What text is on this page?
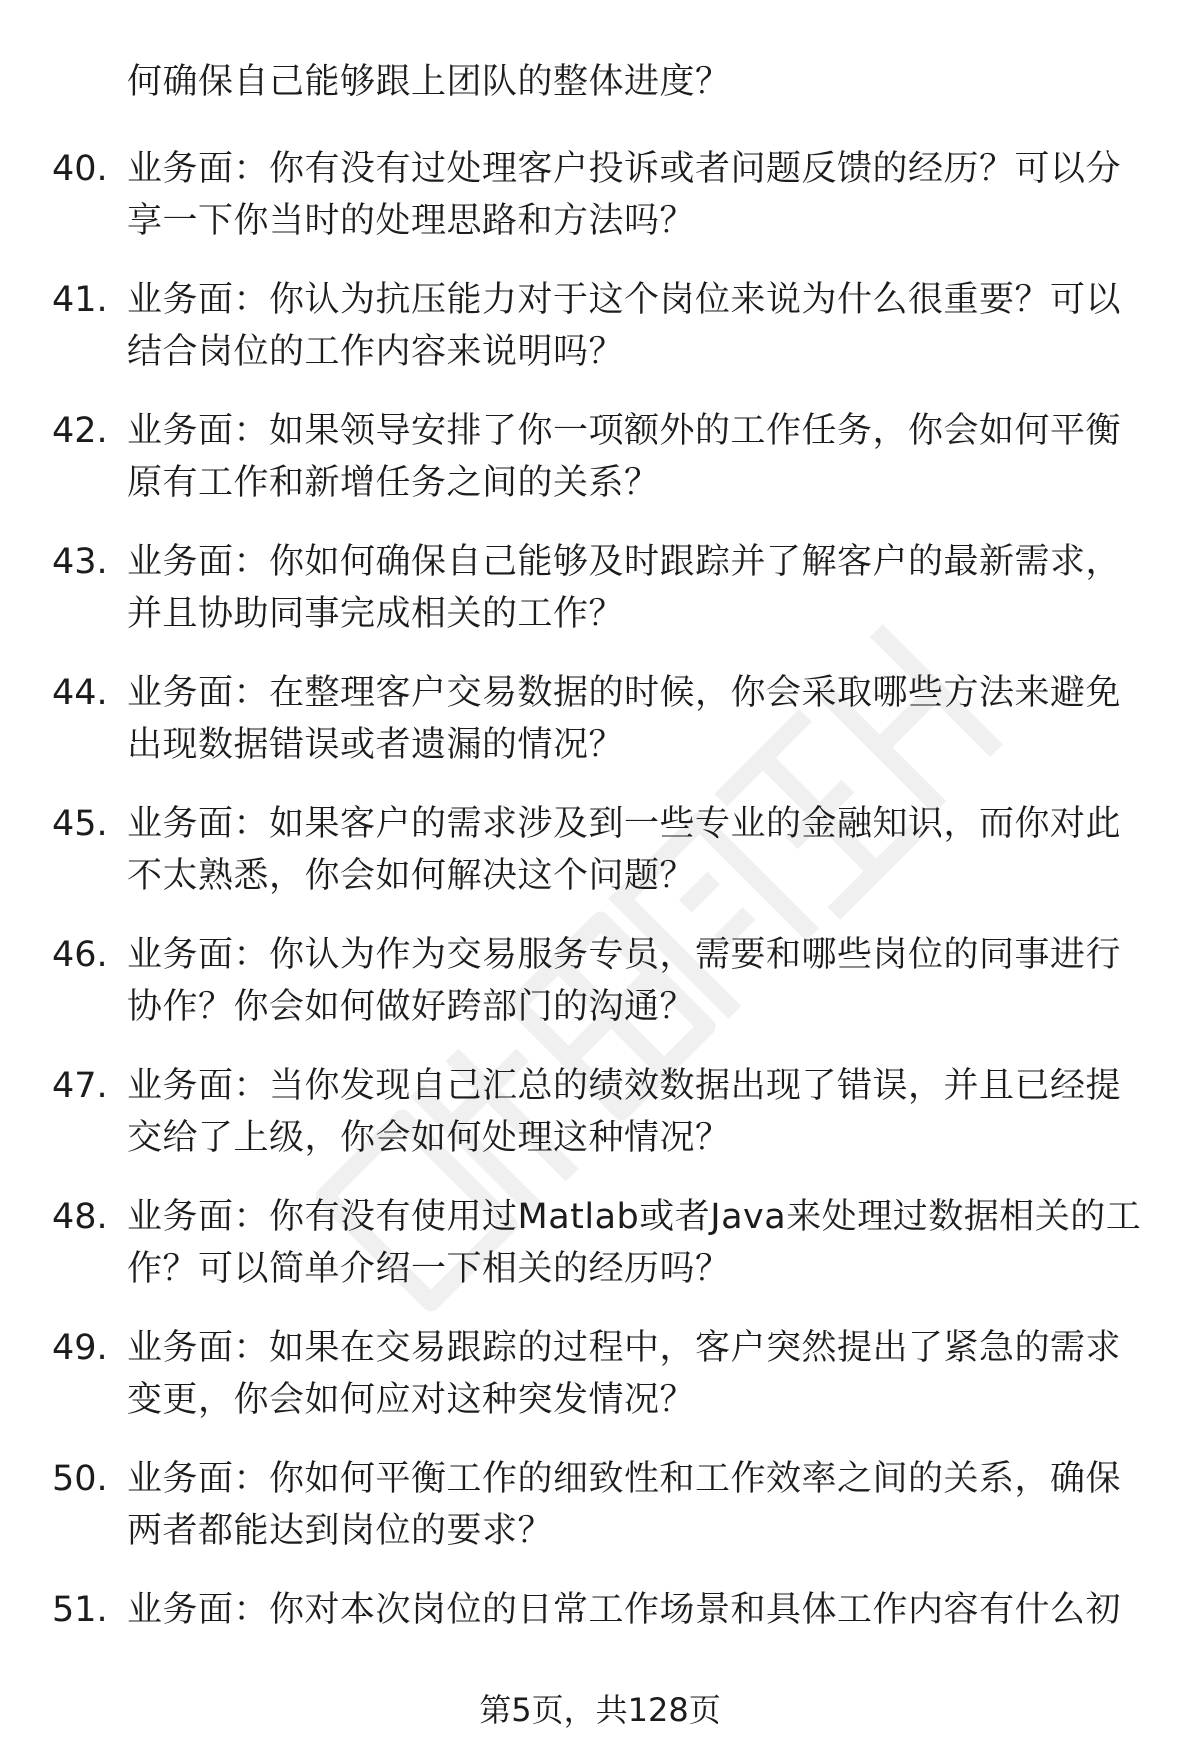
何确保自己能够跟上团队的整体进度？
40. 业务面：你有没有过处理客户投诉或者问题反馈的经历？可以分
享一下你当时的处理思路和方法吗？
41. 业务面：你认为抗压能力对于这个岗位来说为什么很重要？可以
结合岗位的工作内容来说明吗？
42. 业务面：如果领导安排了你一项额外的工作任务，你会如何平衡
原有工作和新增任务之间的关系？
43. 业务面：你如何确保自己能够及时跟踪并了解客户的最新需求，
并且协助同事完成相关的工作？
44. 业务面：在整理客户交易数据的时候，你会采取哪些方法来避免
出现数据错误或者遗漏的情况？
45. 业务面：如果客户的需求涉及到一些专业的金融知识，而你对此
不太熟悉，你会如何解决这个问题？
46. 业务面：你认为作为交易服务专员，需要和哪些岗位的同事进行
协作？你会如何做好跨部门的沟通？
47. 业务面：当你发现自己汇总的绩效数据出现了错误，并且已经提
交给了上级，你会如何处理这种情况？
48. 业务面：你有没有使用过Matlab或者Java来处理过数据相关的工
作？可以简单介绍一下相关的经历吗？
49. 业务面：如果在交易跟踪的过程中，客户突然提出了紧急的需求
变更，你会如何应对这种突发情况？
50. 业务面：你如何平衡工作的细致性和工作效率之间的关系，确保
两者都能达到岗位的要求？
51. 业务面：你对本次岗位的日常工作场景和具体工作内容有什么初
第5页，共128页
